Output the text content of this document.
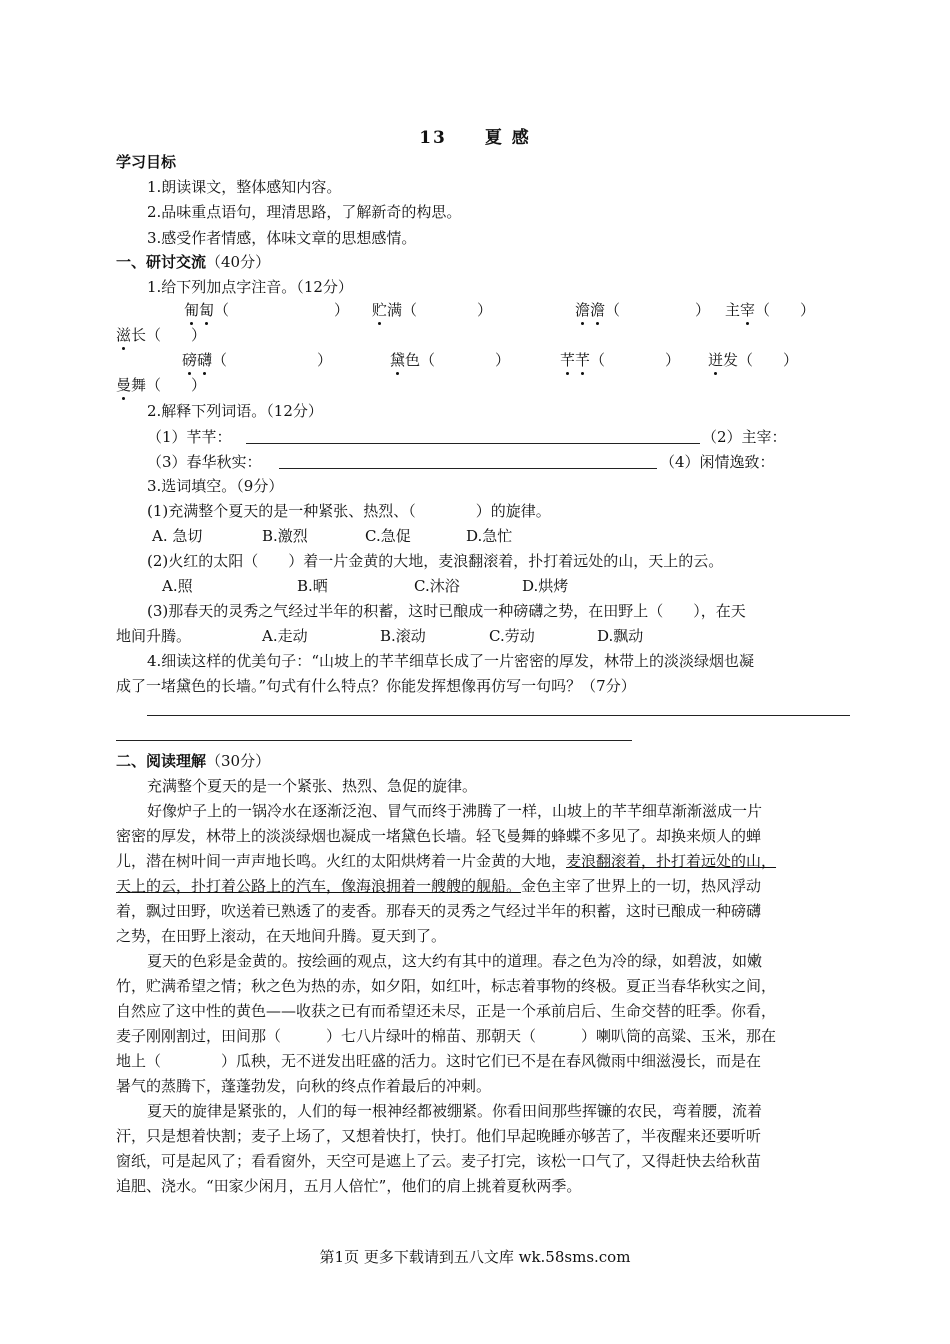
13　　夏 感
学习目标
1.朗读课文，整体感知内容。
2.品味重点语句，理清思路，了解新奇的构思。
3.感受作者情感，体味文章的思想感情。
一、研讨交流（40分）
1.给下列加点字注音。（12分）
匍匐（　　　　　　　） 贮满（　　　　）	澹澹（　　　　　） 主宰（　　）
滋长（　　）
磅礴（　　　　　　）	黛色（　　　　）	芊芊（　　　　） 迸发（　　）
曼舞（　　）
2.解释下列词语。（12分）
（1）芊芊：	（2）主宰：
（3）春华秋实：	（4）闲情逸致：
3.选词填空。（9分）
(1)充满整个夏天的是一种紧张、热烈、（　　　　）的旋律。
A. 急切	B.激烈	C.急促	D.急忙
(2)火红的太阳（　　）着一片金黄的大地，麦浪翻滚着，扑打着远处的山，天上的云。
A.照	B.晒	C.沐浴	D.烘烤
(3)那春天的灵秀之气经过半年的积蓄，这时已酿成一种磅礴之势，在田野上（　　），在天
地间升腾。	A.走动	B.滚动	C.劳动	D.飘动
4.细读这样的优美句子：“山坡上的芊芊细草长成了一片密密的厚发，林带上的淡淡绿烟也凝
成了一堵黛色的长墙。”句式有什么特点？你能发挥想像再仿写一句吗？（7分）
二、阅读理解（30分）
充满整个夏天的是一个紧张、热烈、急促的旋律。
好像炉子上的一锅冷水在逐渐泛泡、冒气而终于沸腾了一样，山坡上的芊芊细草渐渐滋成一片
密密的厚发，林带上的淡淡绿烟也凝成一堵黛色长墙。轻飞曼舞的蜂蝶不多见了。却换来烦人的蝉
儿，潜在树叶间一声声地长鸣。火红的太阳烘烤着一片金黄的大地，麦浪翻滚着，扑打着远处的山，
天上的云，扑打着公路上的汽车，像海浪拥着一艘艘的舰船。金色主宰了世界上的一切，热风浮动
着，飘过田野，吹送着已熟透了的麦香。那春天的灵秀之气经过半年的积蓄，这时已酿成一种磅礴
之势，在田野上滚动，在天地间升腾。夏天到了。
夏天的色彩是金黄的。按绘画的观点，这大约有其中的道理。春之色为冷的绿，如碧波，如嫩
竹，贮满希望之情；秋之色为热的赤，如夕阳，如红叶，标志着事物的终极。夏正当春华秋实之间，
自然应了这中性的黄色——收获之已有而希望还未尽，正是一个承前启后、生命交替的旺季。你看，
麦子刚刚割过，田间那（　　　）七八片绿叶的棉苗、那朝天（　　　）喇叭筒的高粱、玉米，那在
地上（　　　　）瓜秧，无不迸发出旺盛的活力。这时它们已不是在春风微雨中细滋漫长，而是在
暑气的蒸腾下，蓬蓬勃发，向秋的终点作着最后的冲刺。
夏天的旋律是紧张的，人们的每一根神经都被绷紧。你看田间那些挥镰的农民，弯着腰，流着
汗，只是想着快割；麦子上场了，又想着快打，快打。他们早起晚睡亦够苦了，半夜醒来还要听听
窗纸，可是起风了；看看窗外，天空可是遮上了云。麦子打完，该松一口气了，又得赶快去给秋苗
追肥、浇水。“田家少闲月，五月人倍忙”，他们的肩上挑着夏秋两季。
第1页 更多下载请到五八文库 wk.58sms.com
